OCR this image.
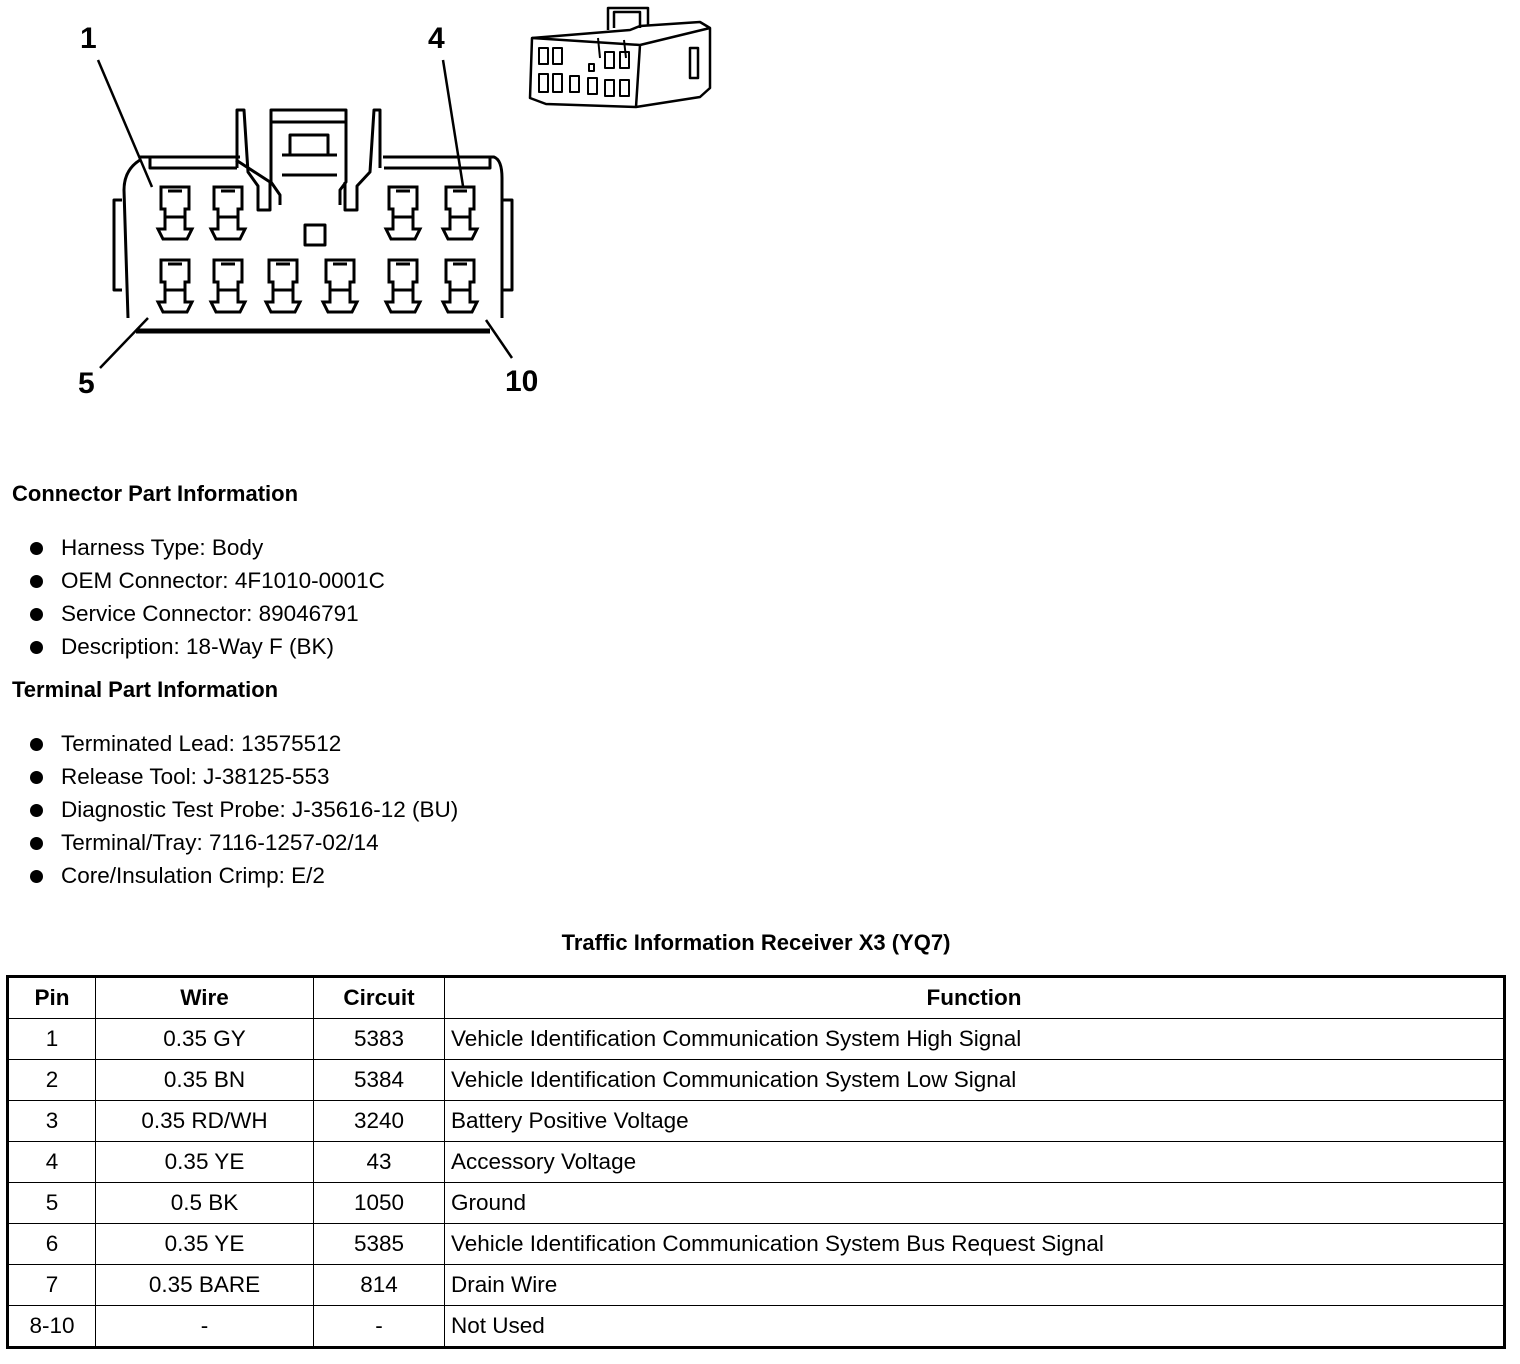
1	4
5	10
Connector Part Information
Harness Type: Body
OEM Connector: 4F1010-0001C
Service Connector: 89046791
Description: 18-Way F (BK)
Terminal Part Information
Terminated Lead: 13575512
Release Tool: J-38125-553
Diagnostic Test Probe: J-35616-12 (BU)
Terminal/Tray: 7116-1257-02/14
Core/Insulation Crimp: E/2
Traffic Information Receiver X3 (YQ7)
Pin	Wire	Circuit	Function
1	0.35 GY	5383	Vehicle Identification Communication System High Signal
2	0.35 BN	5384	Vehicle Identification Communication System Low Signal
3	0.35 RD/WH	3240	Battery Positive Voltage
4	0.35 YE	43	Accessory Voltage
5	0.5 BK	1050	Ground
6	0.35 YE	5385	Vehicle Identification Communication System Bus Request Signal
7	0.35 BARE	814	Drain Wire
8-10	-	-	Not Used
